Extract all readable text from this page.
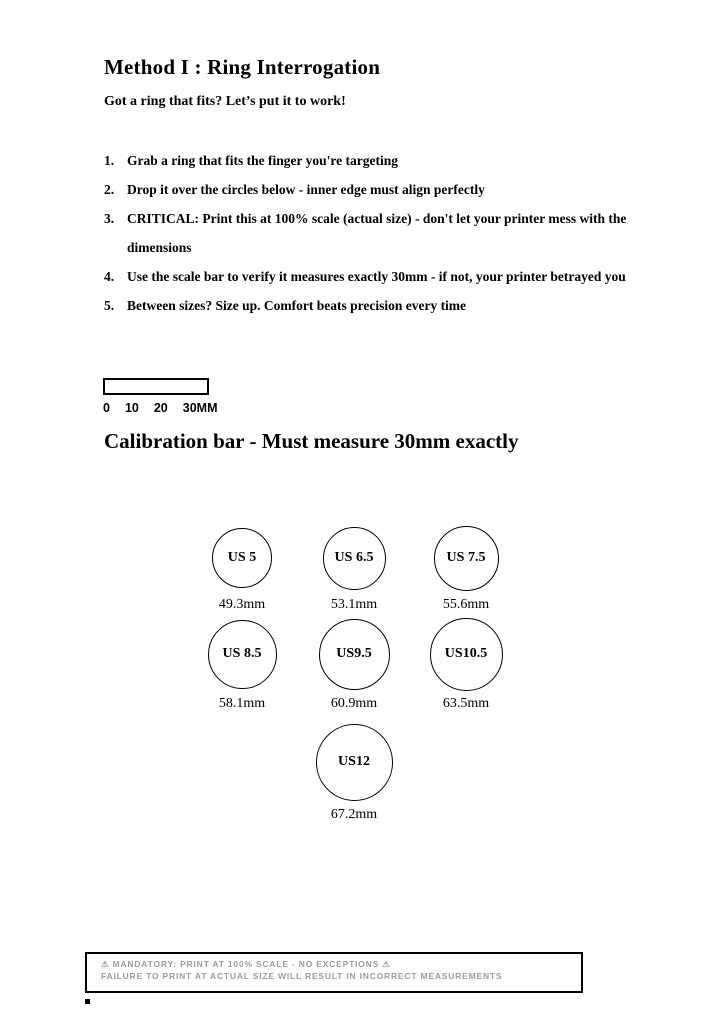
Method I : Ring Interrogation
Got a ring that fits? Let’s put it to work!
1. Grab a ring that fits the finger you're targeting
2. Drop it over the circles below - inner edge must align perfectly
3. CRITICAL: Print this at 100% scale (actual size) - don't let your printer mess with the dimensions
4. Use the scale bar to verify it measures exactly 30mm - if not, your printer betrayed you
5. Between sizes? Size up. Comfort beats precision every time
0 10 20 30MM
Calibration bar - Must measure 30mm exactly
US 5
49.3mm
US 6.5
53.1mm
US 7.5
55.6mm
US 8.5
58.1mm
US9.5
60.9mm
US10.5
63.5mm
US12
67.2mm
⚠ MANDATORY: PRINT AT 100% SCALE - NO EXCEPTIONS ⚠
FAILURE TO PRINT AT ACTUAL SIZE WILL RESULT IN INCORRECT MEASUREMENTS
